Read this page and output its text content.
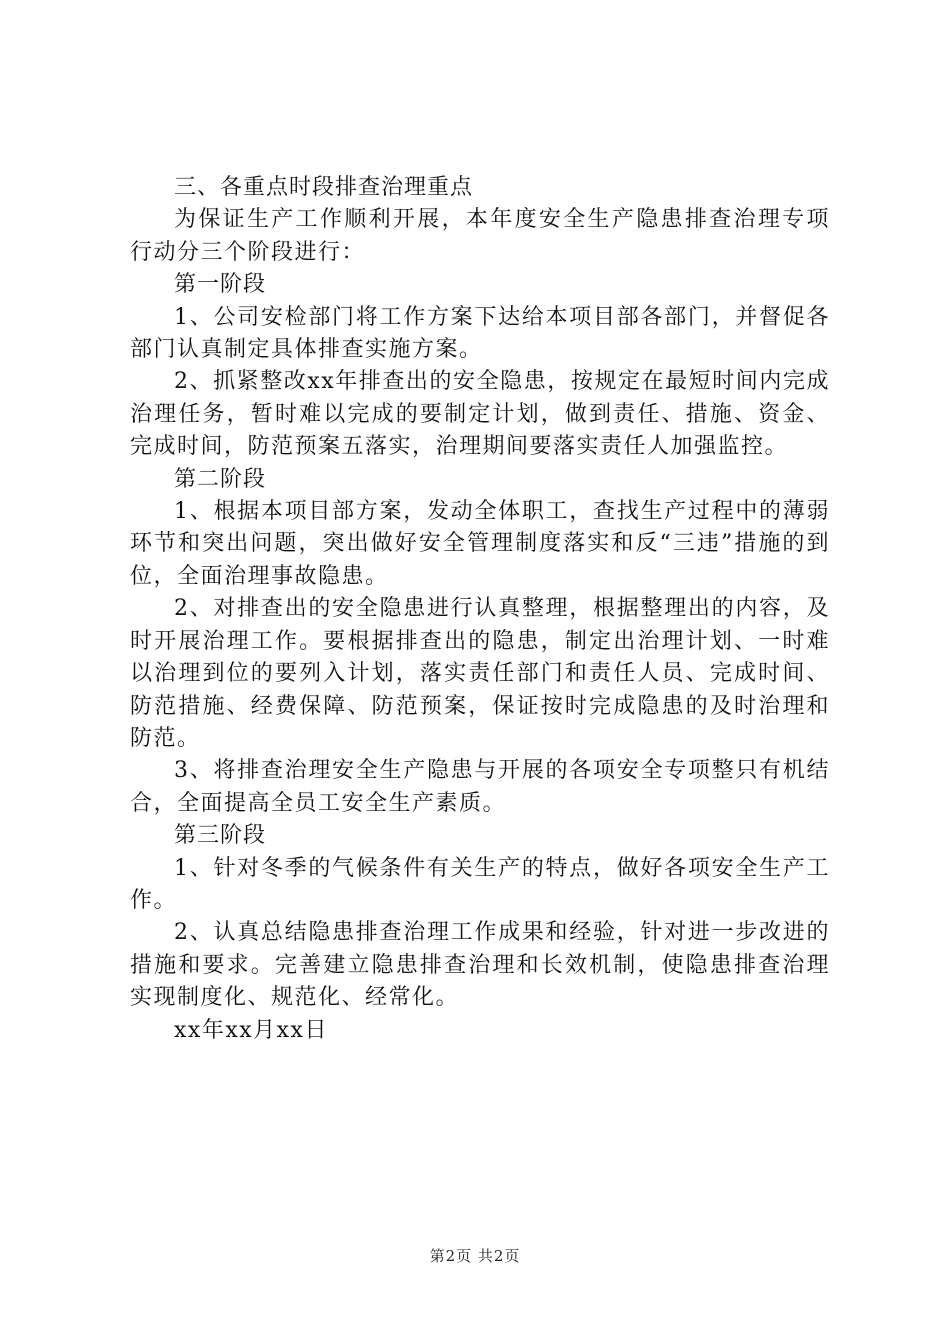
三、各重点时段排查治理重点

为保证生产工作顺利开展，本年度安全生产隐患排查治理专项行动分三个阶段进行：

第一阶段

1、公司安检部门将工作方案下达给本项目部各部门，并督促各部门认真制定具体排查实施方案。

2、抓紧整改xx年排查出的安全隐患，按规定在最短时间内完成治理任务，暂时难以完成的要制定计划，做到责任、措施、资金、完成时间，防范预案五落实，治理期间要落实责任人加强监控。

第二阶段

1、根据本项目部方案，发动全体职工，查找生产过程中的薄弱环节和突出问题，突出做好安全管理制度落实和反“三违”措施的到位，全面治理事故隐患。

2、对排查出的安全隐患进行认真整理，根据整理出的内容，及时开展治理工作。要根据排查出的隐患，制定出治理计划、一时难以治理到位的要列入计划，落实责任部门和责任人员、完成时间、防范措施、经费保障、防范预案，保证按时完成隐患的及时治理和防范。

3、将排查治理安全生产隐患与开展的各项安全专项整只有机结合，全面提高全员工安全生产素质。

第三阶段

1、针对冬季的气候条件有关生产的特点，做好各项安全生产工作。

2、认真总结隐患排查治理工作成果和经验，针对进一步改进的措施和要求。完善建立隐患排查治理和长效机制，使隐患排查治理实现制度化、规范化、经常化。

xx年xx月xx日

第2页 共2页
